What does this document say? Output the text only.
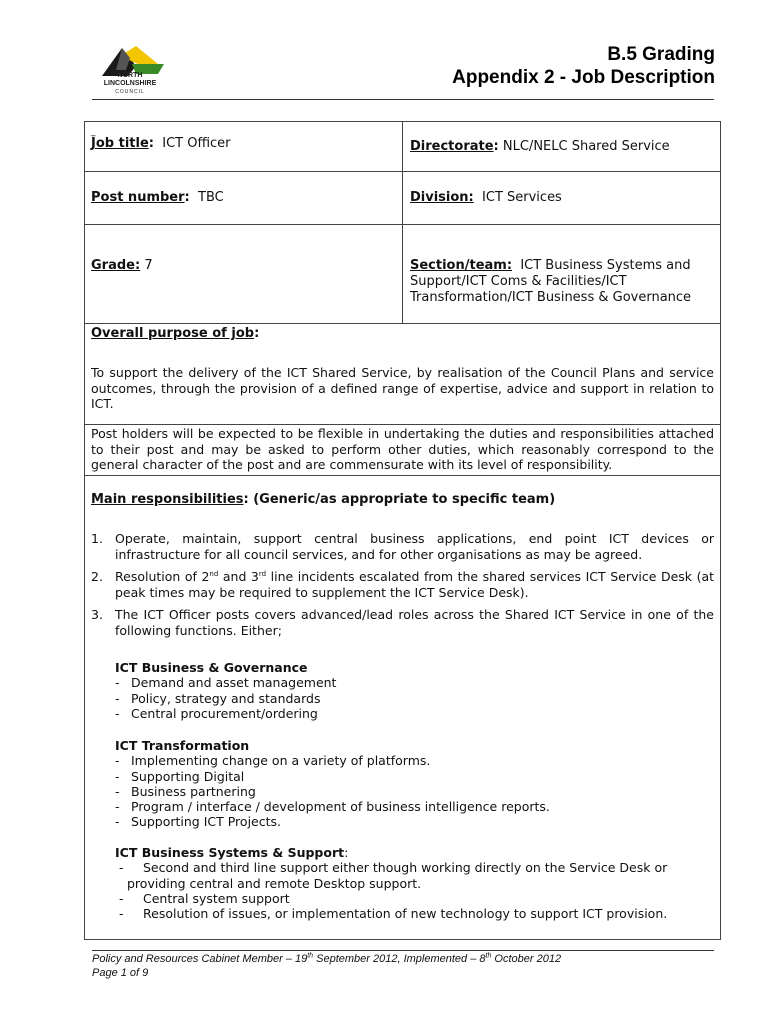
NORTH
LINCOLNSHIRE
COUNCIL
B.5 Grading
Appendix 2 - Job Description
_
Job title: ICT Officer	Directorate: NLC/NELC Shared Service
Post number: TBC	Division: ICT Services
Grade: 7	Section/team: ICT Business Systems and Support/ICT Coms & Facilities/ICT Transformation/ICT Business & Governance
Overall purpose of job:
To support the delivery of the ICT Shared Service, by realisation of the Council Plans and service outcomes, through the provision of a defined range of expertise, advice and support in relation to ICT.
Post holders will be expected to be flexible in undertaking the duties and responsibilities attached to their post and may be asked to perform other duties, which reasonably correspond to the general character of the post and are commensurate with its level of responsibility.
Main responsibilities: (Generic/as appropriate to specific team)
1. Operate, maintain, support central business applications, end point ICT devices or infrastructure for all council services, and for other organisations as may be agreed.
2. Resolution of 2nd and 3rd line incidents escalated from the shared services ICT Service Desk (at peak times may be required to supplement the ICT Service Desk).
3. The ICT Officer posts covers advanced/lead roles across the Shared ICT Service in one of the following functions. Either;
ICT Business & Governance
- Demand and asset management
- Policy, strategy and standards
- Central procurement/ordering
ICT Transformation
- Implementing change on a variety of platforms.
- Supporting Digital
- Business partnering
- Program / interface / development of business intelligence reports.
- Supporting ICT Projects.
ICT Business Systems & Support:
- Second and third line support either though working directly on the Service Desk or
providing central and remote Desktop support.
- Central system support
- Resolution of issues, or implementation of new technology to support ICT provision.
Policy and Resources Cabinet Member – 19th September 2012, Implemented – 8th October 2012
Page 1 of 9
